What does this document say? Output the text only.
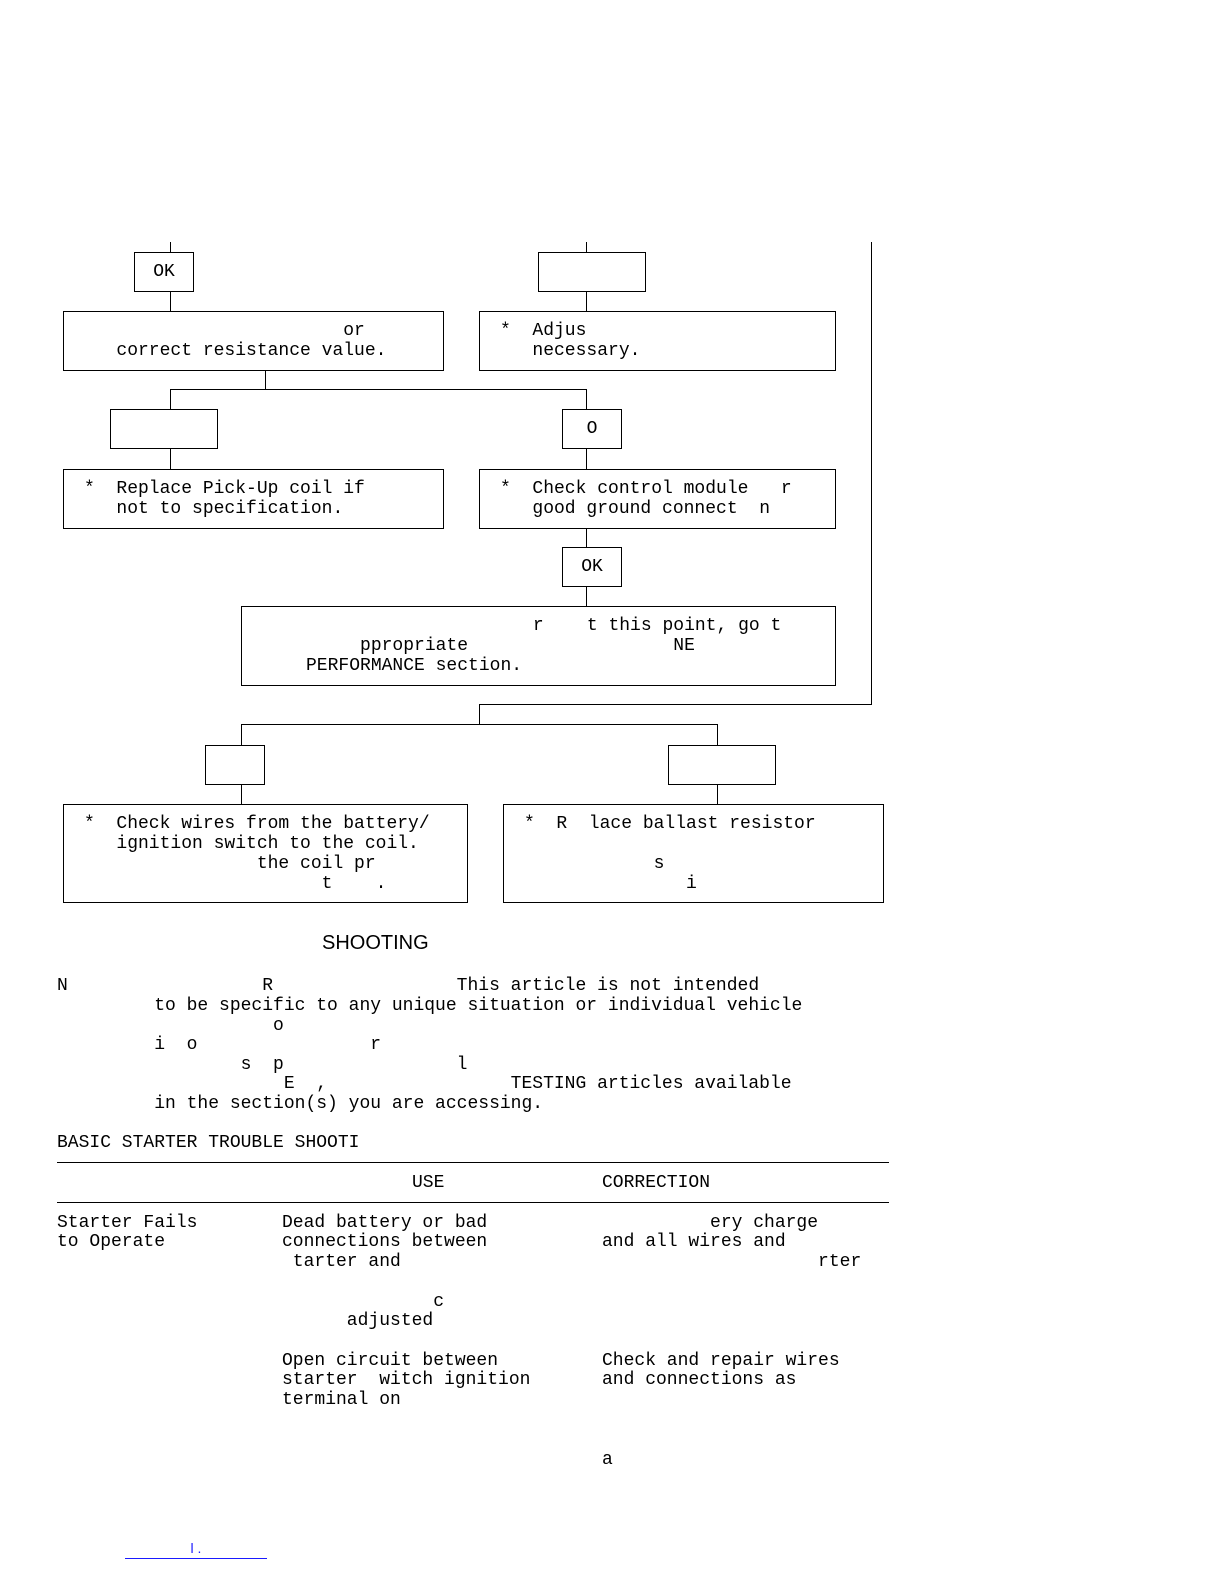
OK
O
OK
or
correct resistance value.
*  Adjus
necessary.
*  Replace Pick-Up coil if
not to specification.
*  Check control module   r
good ground connect  n
r    t this point, go t
ppropriate                   NE
PERFORMANCE section.
*  Check wires from the battery/
ignition switch to the coil.
the coil pr
t    .
*  R  lace ballast resistor
s
i
SHOOTING
N                  R                 This article is not intended
to be specific to any unique situation or individual vehicle
o
i  o                r
s  p                l
E  ,                 TESTING articles available
in the section(s) you are accessing.
BASIC STARTER TROUBLE SHOOTI
USE	CORRECTION
Starter Fails
to Operate
Dead battery or bad
connections between
tarter and
c
adjusted
ery charge
and all wires and
rter
Open circuit between
starter  witch ignition
terminal on
Check and repair wires
and connections as
a
l .
